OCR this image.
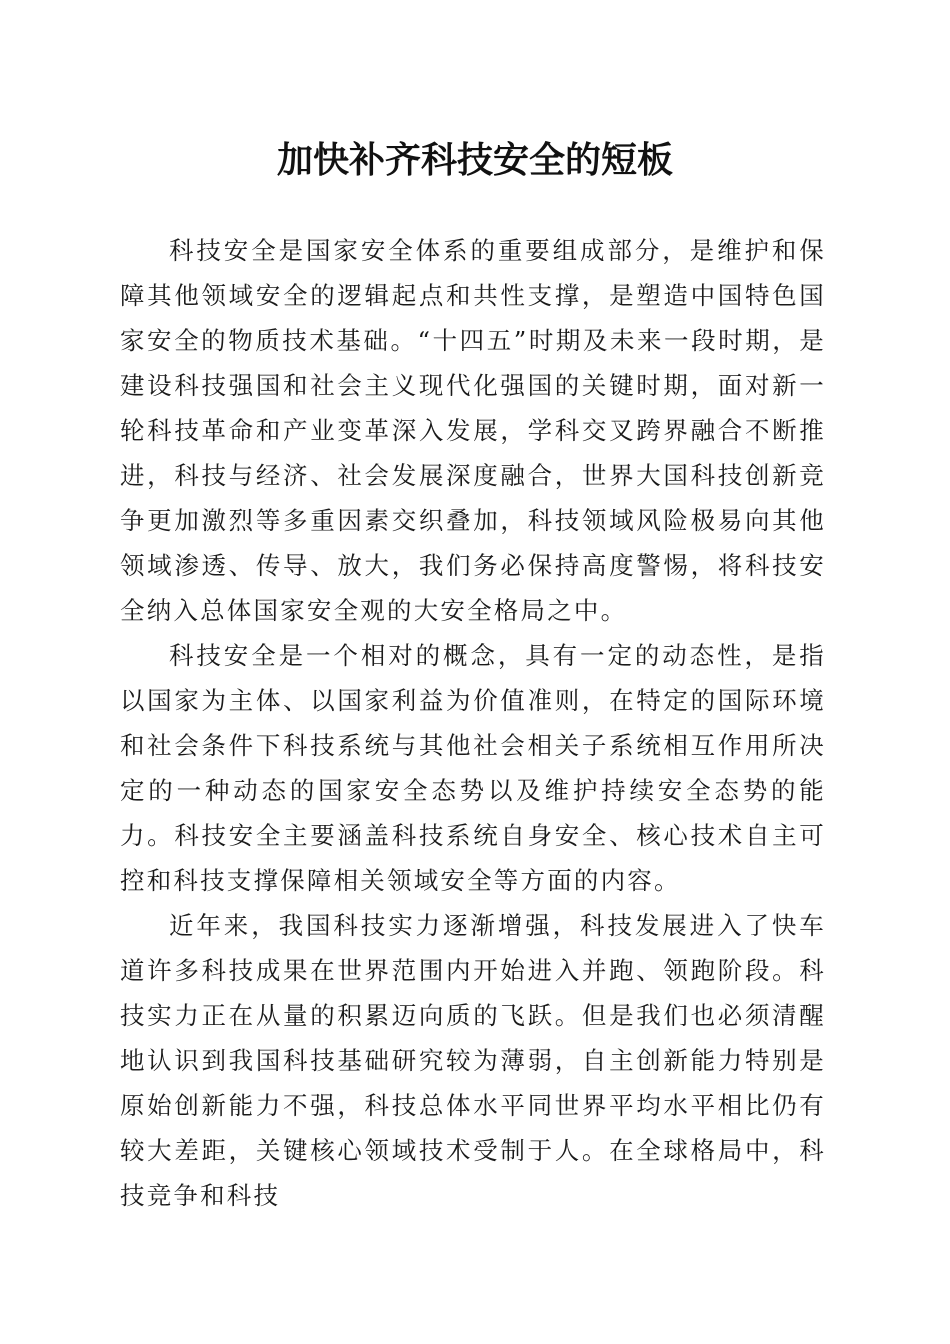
加快补齐科技安全的短板

科技安全是国家安全体系的重要组成部分，是维护和保障其他领域安全的逻辑起点和共性支撑，是塑造中国特色国家安全的物质技术基础。“十四五”时期及未来一段时期，是建设科技强国和社会主义现代化强国的关键时期，面对新一轮科技革命和产业变革深入发展，学科交叉跨界融合不断推进，科技与经济、社会发展深度融合，世界大国科技创新竞争更加激烈等多重因素交织叠加，科技领域风险极易向其他领域渗透、传导、放大，我们务必保持高度警惕，将科技安全纳入总体国家安全观的大安全格局之中。

科技安全是一个相对的概念，具有一定的动态性，是指以国家为主体、以国家利益为价值准则，在特定的国际环境和社会条件下科技系统与其他社会相关子系统相互作用所决定的一种动态的国家安全态势以及维护持续安全态势的能力。科技安全主要涵盖科技系统自身安全、核心技术自主可控和科技支撑保障相关领域安全等方面的内容。

近年来，我国科技实力逐渐增强，科技发展进入了快车道许多科技成果在世界范围内开始进入并跑、领跑阶段。科技实力正在从量的积累迈向质的飞跃。但是我们也必须清醒地认识到我国科技基础研究较为薄弱，自主创新能力特别是原始创新能力不强，科技总体水平同世界平均水平相比仍有较大差距，关键核心领域技术受制于人。在全球格局中，科技竞争和科技
